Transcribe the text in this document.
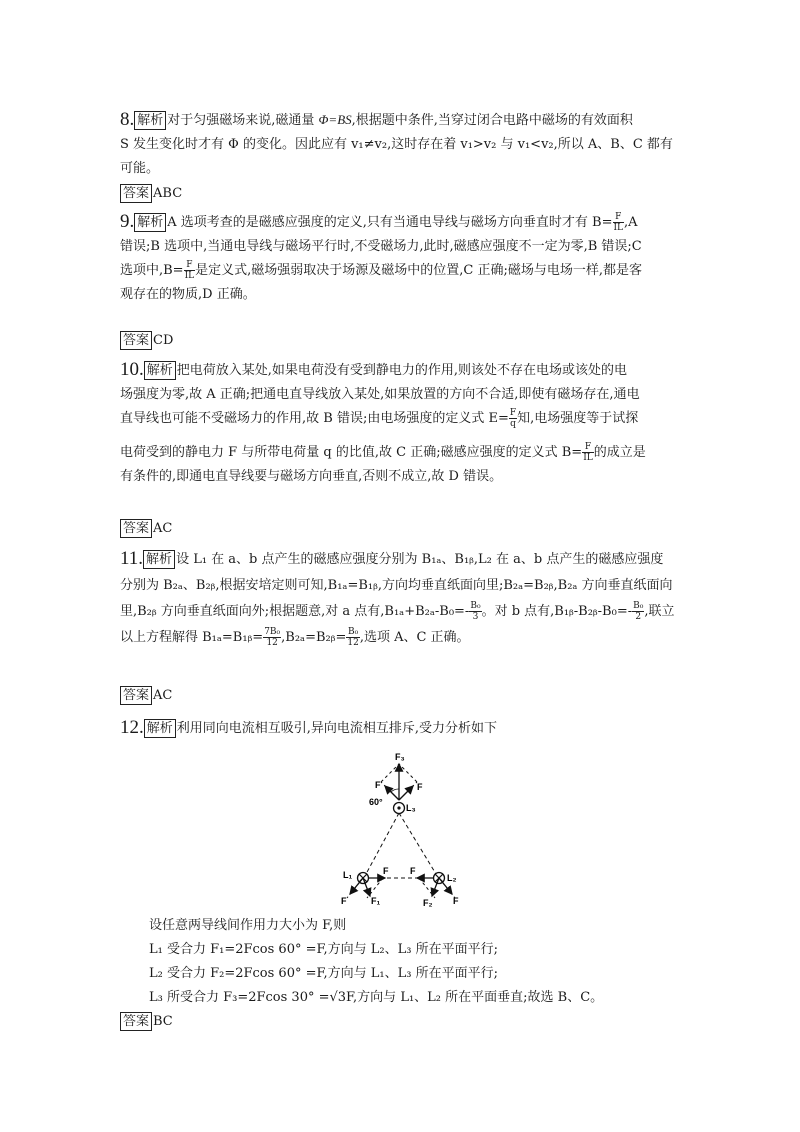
8. 解析 对于匀强磁场来说,磁通量 Φ=BS,根据题中条件,当穿过闭合电路中磁场的有效面积
S 发生变化时才有 Φ 的变化。因此应有 v₁≠v₂,这时存在着 v₁>v₂ 与 v₁<v₂,所以 A、B、C 都有
可能。
答案 ABC
9. 解析 A 选项考查的是磁感应强度的定义,只有当通电导线与磁场方向垂直时才有 $B= \frac{F}{IL} ,A$
错误;B 选项中,当通电导线与磁场平行时,不受磁场力,此时,磁感应强度不一定为零,B 错误;C
选项中$,B= \frac{F}{IL}$ 是定义式,磁场强弱取决于场源及磁场中的位置,C 正确;磁场与电场一样,都是客
观存在的物质,D 正确。
答案 CD
10. 解析 把电荷放入某处,如果电荷没有受到静电力的作用,则该处不存在电场或该处的电
场强度为零,故 A 正确;把通电直导线放入某处,如果放置的方向不合适,即使有磁场存在,通电
直导线也可能不受磁场力的作用,故 B 错误;由电场强度的定义式 $E= \frac{F}{q}$ 知,电场强度等于试探
电荷受到的静电力 F 与所带电荷量 q 的比值,故 C 正确;磁感应强度的定义式 $B= \frac{F}{IL}$ 的成立是
有条件的,即通电直导线要与磁场方向垂直,否则不成立,故 D 错误。
答案 AC
11. 解析 设 L₁ 在 a、b 点产生的磁感应强度分别为 B₁ₐ、B₁ᵦ,L₂ 在 a、b 点产生的磁感应强度
分别为 B₂ₐ、B₂ᵦ,根据安培定则可知,B₁ₐ=B₁ᵦ,方向均垂直纸面向里;B₂ₐ=B₂ᵦ,B₂ₐ 方向垂直纸面向
里,B₂ᵦ 方向垂直纸面向外;根据题意,对 a 点有$,B_{1a}+B_{2a}-B_0=- \frac{\text{B₀}}{3}$ 。对 b 点有,B₁ᵦ-B₂ᵦ-B₀=- $\frac{\text{B₀}}{2}$ ,联立
以上方程解得 B₁ₐ=B₁ᵦ= $\frac{\text{7B₀}}{12}$ ,B₂ₐ=B₂ᵦ= $\frac{\text{B₀}}{12}$ ,选项 A、C 正确。
答案 AC
12. 解析 利用同向电流相互吸引,异向电流相互排斥,受力分析如下
F₃
F	F
60°
L₃
L₁	L₂
F F
F	F₁	F₂ F
设任意两导线间作用力大小为 F,则
L₁ 受合力 F₁=2Fcos 60° =F,方向与 L₂、L₃ 所在平面平行;
L₂ 受合力 F₂=2Fcos 60° =F,方向与 L₁、L₃ 所在平面平行;
L₃ 所受合力 F₃=2Fcos 30° =√3F,方向与 L₁、L₂ 所在平面垂直;故选 B、C。
答案 BC
